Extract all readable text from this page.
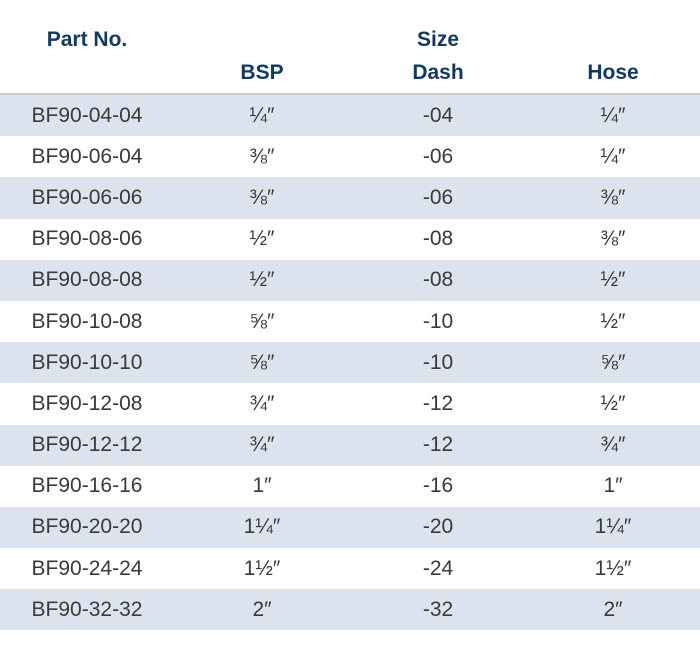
Part No.	Size
BSP	Dash	Hose
BF90-04-04	¼″	-04	¼″
BF90-06-04	⅜″	-06	¼″
BF90-06-06	⅜″	-06	⅜″
BF90-08-06	½″	-08	⅜″
BF90-08-08	½″	-08	½″
BF90-10-08	⅝″	-10	½″
BF90-10-10	⅝″	-10	⅝″
BF90-12-08	¾″	-12	½″
BF90-12-12	¾″	-12	¾″
BF90-16-16	1″	-16	1″
BF90-20-20	1¼″	-20	1¼″
BF90-24-24	1½″	-24	1½″
BF90-32-32	2″	-32	2″
